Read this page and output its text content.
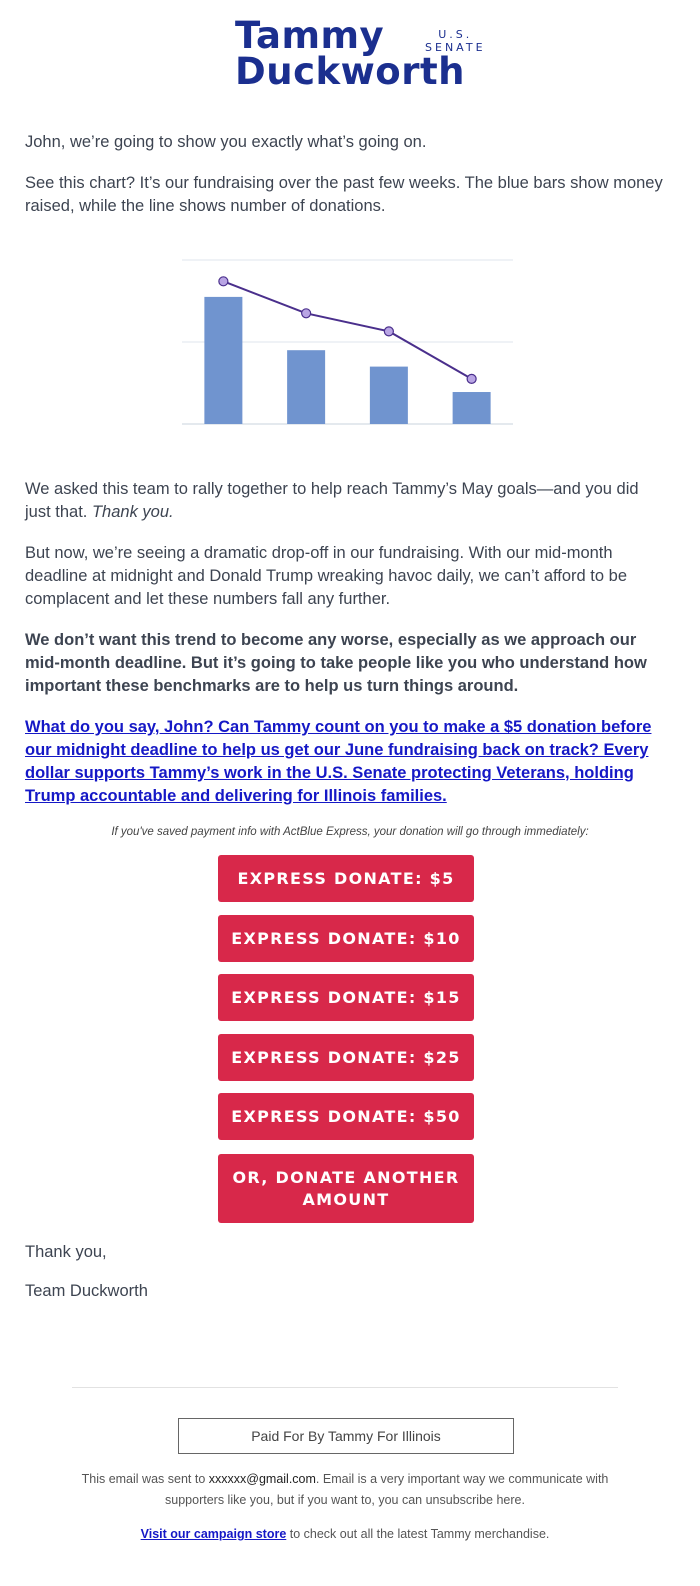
Tammy
Duckworth
U.S.
SENATE

John, we’re going to show you exactly what’s going on.

See this chart? It’s our fundraising over the past few weeks. The blue bars show money raised, while the line shows number of donations.

We asked this team to rally together to help reach Tammy’s May goals—and you did just that. Thank you.

But now, we’re seeing a dramatic drop-off in our fundraising. With our mid-month deadline at midnight and Donald Trump wreaking havoc daily, we can’t afford to be complacent and let these numbers fall any further.

We don’t want this trend to become any worse, especially as we approach our mid-month deadline. But it’s going to take people like you who understand how important these benchmarks are to help us turn things around.

What do you say, John? Can Tammy count on you to make a $5 donation before our midnight deadline to help us get our June fundraising back on track? Every dollar supports Tammy’s work in the U.S. Senate protecting Veterans, holding Trump accountable and delivering for Illinois families.

If you've saved payment info with ActBlue Express, your donation will go through immediately:
EXPRESS DONATE: $5
EXPRESS DONATE: $10
EXPRESS DONATE: $15
EXPRESS DONATE: $25
EXPRESS DONATE: $50
OR, DONATE ANOTHER AMOUNT
Thank you,
Team Duckworth
Paid For By Tammy For Illinois
This email was sent to xxxxxx@gmail.com. Email is a very important way we communicate with supporters like you, but if you want to, you can unsubscribe here.
Visit our campaign store to check out all the latest Tammy merchandise.
